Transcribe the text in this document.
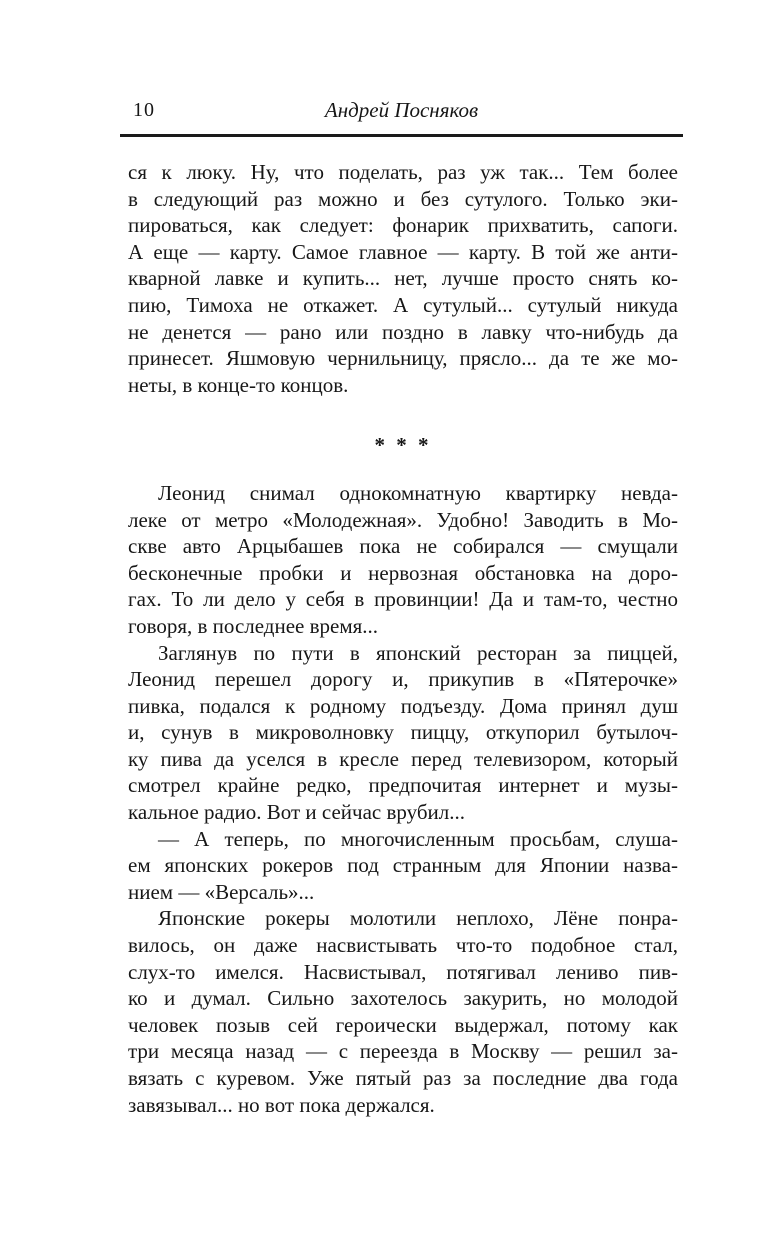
10	Андрей Посняков
ся к люку. Ну, что поделать, раз уж так... Тем более
в следующий раз можно и без сутулого. Только эки-
пироваться, как следует: фонарик прихватить, сапоги.
А еще — карту. Самое главное — карту. В той же анти-
кварной лавке и купить... нет, лучше просто снять ко-
пию, Тимоха не откажет. А сутулый... сутулый никуда
не денется — рано или поздно в лавку что-нибудь да
принесет. Яшмовую чернильницу, прясло... да те же мо-
неты, в конце-то концов.
* * *
Леонид снимал однокомнатную квартирку невда-
леке от метро «Молодежная». Удобно! Заводить в Мо-
скве авто Арцыбашев пока не собирался — смущали
бесконечные пробки и нервозная обстановка на доро-
гах. То ли дело у себя в провинции! Да и там-то, честно
говоря, в последнее время...
Заглянув по пути в японский ресторан за пиццей,
Леонид перешел дорогу и, прикупив в «Пятерочке»
пивка, подался к родному подъезду. Дома принял душ
и, сунув в микроволновку пиццу, откупорил бутылоч-
ку пива да уселся в кресле перед телевизором, который
смотрел крайне редко, предпочитая интернет и музы-
кальное радио. Вот и сейчас врубил...
— А теперь, по многочисленным просьбам, слуша-
ем японских рокеров под странным для Японии назва-
нием — «Версаль»...
Японские рокеры молотили неплохо, Лёне понра-
вилось, он даже насвистывать что-то подобное стал,
слух-то имелся. Насвистывал, потягивал лениво пив-
ко и думал. Сильно захотелось закурить, но молодой
человек позыв сей героически выдержал, потому как
три месяца назад — с переезда в Москву — решил за-
вязать с куревом. Уже пятый раз за последние два года
завязывал... но вот пока держался.
